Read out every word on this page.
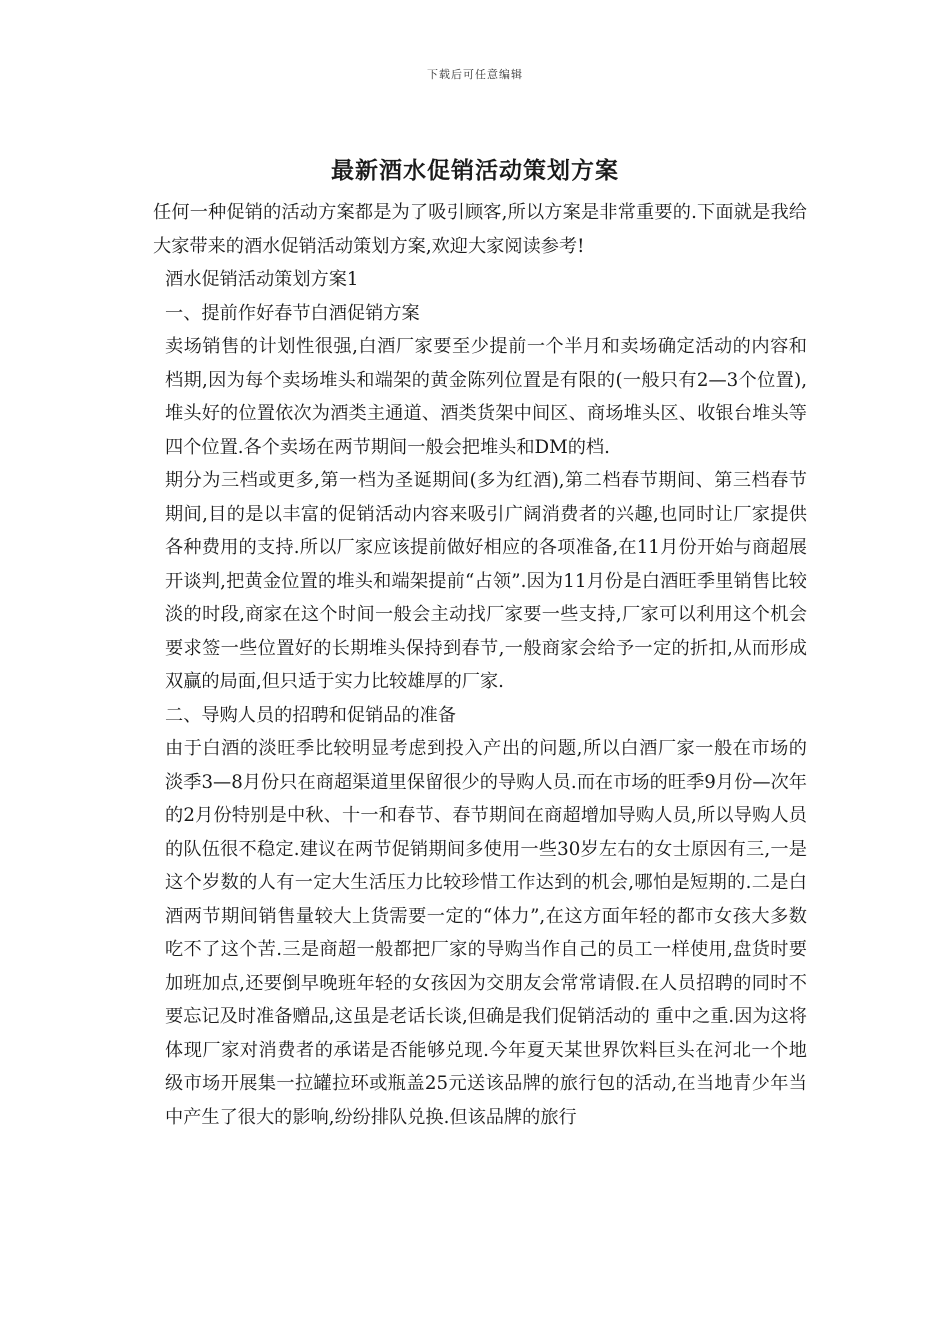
下载后可任意编辑
最新酒水促销活动策划方案

任何一种促销的活动方案都是为了吸引顾客,所以方案是非常重要的.下面就是我给大家带来的酒水促销活动策划方案,欢迎大家阅读参考!

酒水促销活动策划方案1

一、提前作好春节白酒促销方案

卖场销售的计划性很强,白酒厂家要至少提前一个半月和卖场确定活动的内容和档期,因为每个卖场堆头和端架的黄金陈列位置是有限的(一般只有2—3个位置),堆头好的位置依次为酒类主通道、酒类货架中间区、商场堆头区、收银台堆头等四个位置.各个卖场在两节期间一般会把堆头和DM的档.

期分为三档或更多,第一档为圣诞期间(多为红酒),第二档春节期间、第三档春节期间,目的是以丰富的促销活动内容来吸引广阔消费者的兴趣,也同时让厂家提供各种费用的支持.所以厂家应该提前做好相应的各项准备,在11月份开始与商超展开谈判,把黄金位置的堆头和端架提前“占领”.因为11月份是白酒旺季里销售比较淡的时段,商家在这个时间一般会主动找厂家要一些支持,厂家可以利用这个机会要求签一些位置好的长期堆头保持到春节,一般商家会给予一定的折扣,从而形成双赢的局面,但只适于实力比较雄厚的厂家.

二、导购人员的招聘和促销品的准备

由于白酒的淡旺季比较明显考虑到投入产出的问题,所以白酒厂家一般在市场的淡季3—8月份只在商超渠道里保留很少的导购人员.而在市场的旺季9月份—次年的2月份特别是中秋、十一和春节、春节期间在商超增加导购人员,所以导购人员的队伍很不稳定.建议在两节促销期间多使用一些30岁左右的女士原因有三,一是这个岁数的人有一定大生活压力比较珍惜工作达到的机会,哪怕是短期的.二是白酒两节期间销售量较大上货需要一定的“体力”,在这方面年轻的都市女孩大多数吃不了这个苦.三是商超一般都把厂家的导购当作自己的员工一样使用,盘货时要加班加点,还要倒早晚班年轻的女孩因为交朋友会常常请假.在人员招聘的同时不要忘记及时准备赠品,这虽是老话长谈,但确是我们促销活动的 重中之重.因为这将体现厂家对消费者的承诺是否能够兑现.今年夏天某世界饮料巨头在河北一个地级市场开展集一拉罐拉环或瓶盖25元送该品牌的旅行包的活动,在当地青少年当中产生了很大的影响,纷纷排队兑换.但该品牌的旅行
